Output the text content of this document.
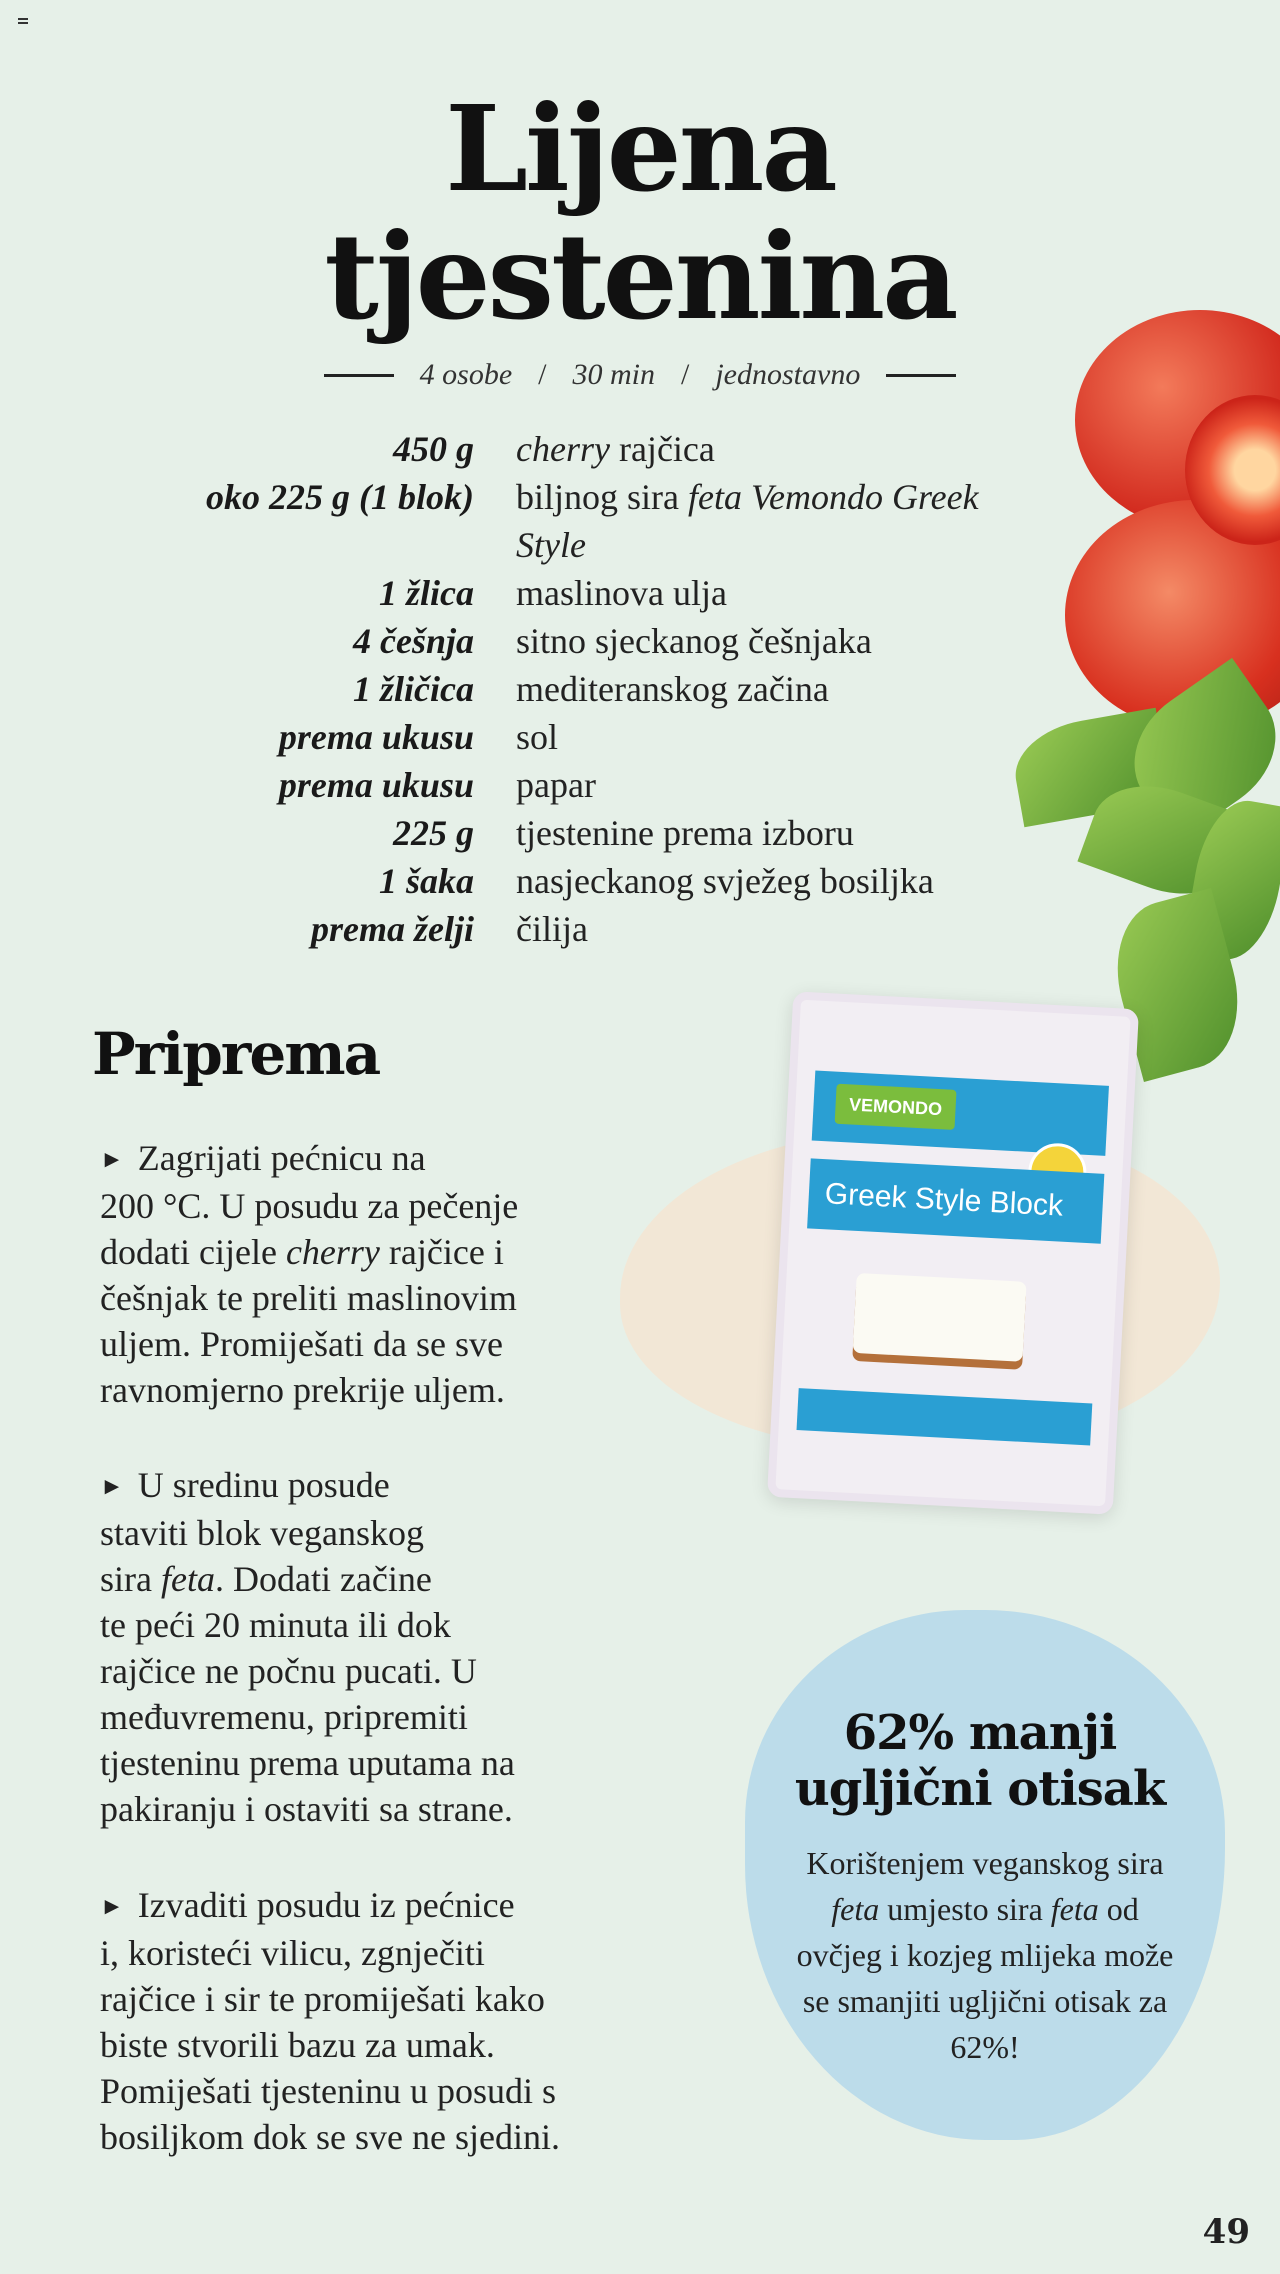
Lijena
tjestenina
4 osobe / 30 min / jednostavno
450 g cherry rajčica
oko 225 g (1 blok) biljnog sira feta Vemondo Greek Style
1 žlica maslinova ulja
4 češnja sitno sjeckanog češnjaka
1 žličica mediteranskog začina
prema ukusu sol
prema ukusu papar
225 g tjestenine prema izboru
1 šaka nasjeckanog svježeg bosiljka
prema želji čilija
Priprema
VEMONDO
Greek Style Block
► Zagrijati pećnicu na
200 °C. U posudu za pečenje
dodati cijele cherry rajčice i
češnjak te preliti maslinovim
uljem. Promiješati da se sve
ravnomjerno prekrije uljem.
► U sredinu posude
staviti blok veganskog
sira feta. Dodati začine
te peći 20 minuta ili dok
rajčice ne počnu pucati. U
međuvremenu, pripremiti
tjesteninu prema uputama na
pakiranju i ostaviti sa strane.
► Izvaditi posudu iz pećnice
i, koristeći vilicu, zgnječiti
rajčice i sir te promiješati kako
biste stvorili bazu za umak.
Pomiješati tjesteninu u posudi s
bosiljkom dok se sve ne sjedini.
62% manji
ugljični otisak
Korištenjem veganskog sira
feta umjesto sira feta od
ovčjeg i kozjeg mlijeka može
se smanjiti ugljični otisak za
62%!
49
